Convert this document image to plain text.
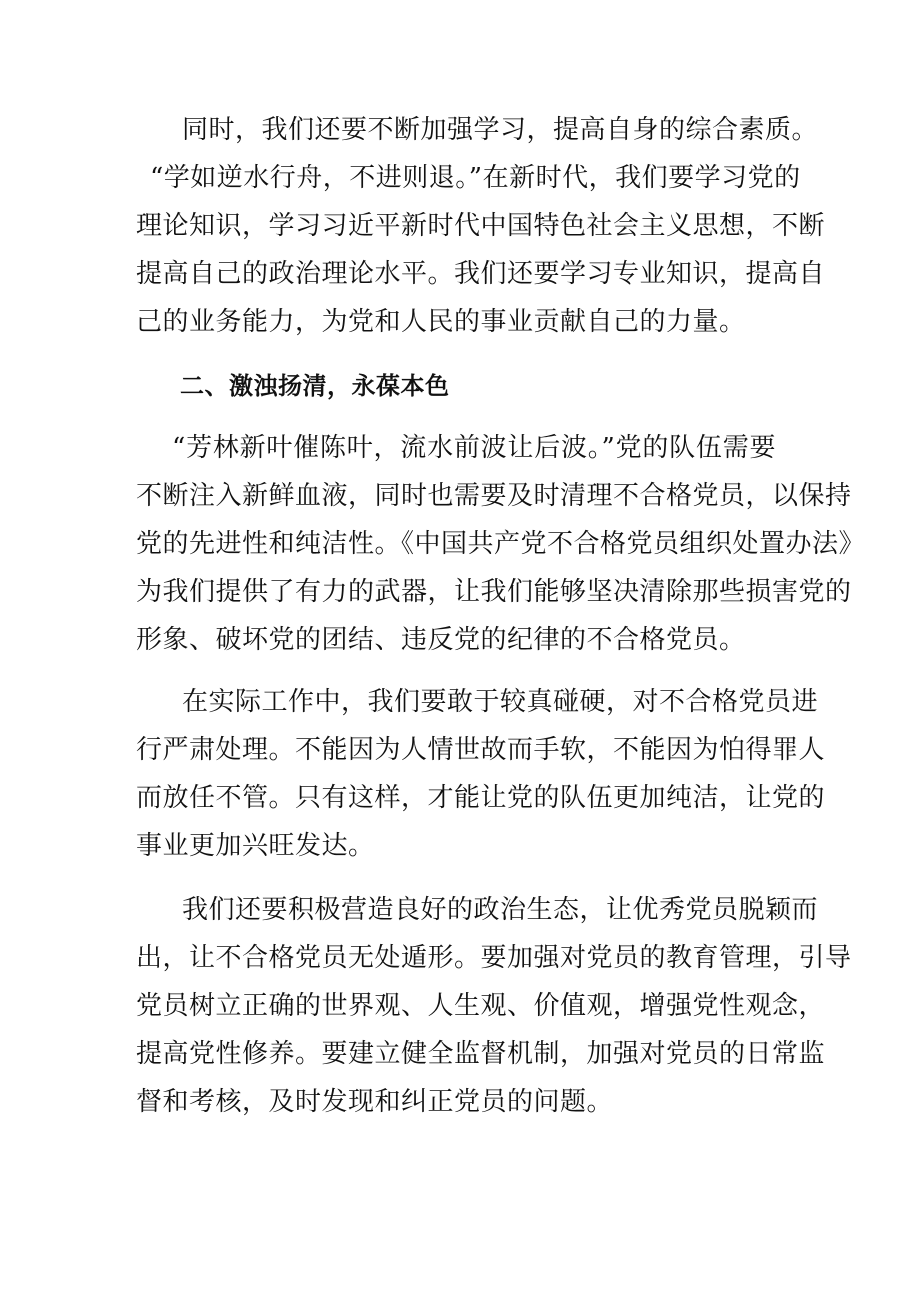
同时，我们还要不断加强学习，提高自身的综合素质。
“学如逆水行舟，不进则退。”在新时代，我们要学习党的
理论知识，学习习近平新时代中国特色社会主义思想，不断
提高自己的政治理论水平。我们还要学习专业知识，提高自
己的业务能力，为党和人民的事业贡献自己的力量。
二、激浊扬清，永葆本色
“芳林新叶催陈叶，流水前波让后波。”党的队伍需要
不断注入新鲜血液，同时也需要及时清理不合格党员，以保持
党的先进性和纯洁性。《中国共产党不合格党员组织处置办法》
为我们提供了有力的武器，让我们能够坚决清除那些损害党的
形象、破坏党的团结、违反党的纪律的不合格党员。
在实际工作中，我们要敢于较真碰硬，对不合格党员进
行严肃处理。不能因为人情世故而手软，不能因为怕得罪人
而放任不管。只有这样，才能让党的队伍更加纯洁，让党的
事业更加兴旺发达。
我们还要积极营造良好的政治生态，让优秀党员脱颖而
出，让不合格党员无处遁形。要加强对党员的教育管理，引导
党员树立正确的世界观、人生观、价值观，增强党性观念，
提高党性修养。要建立健全监督机制，加强对党员的日常监
督和考核，及时发现和纠正党员的问题。
